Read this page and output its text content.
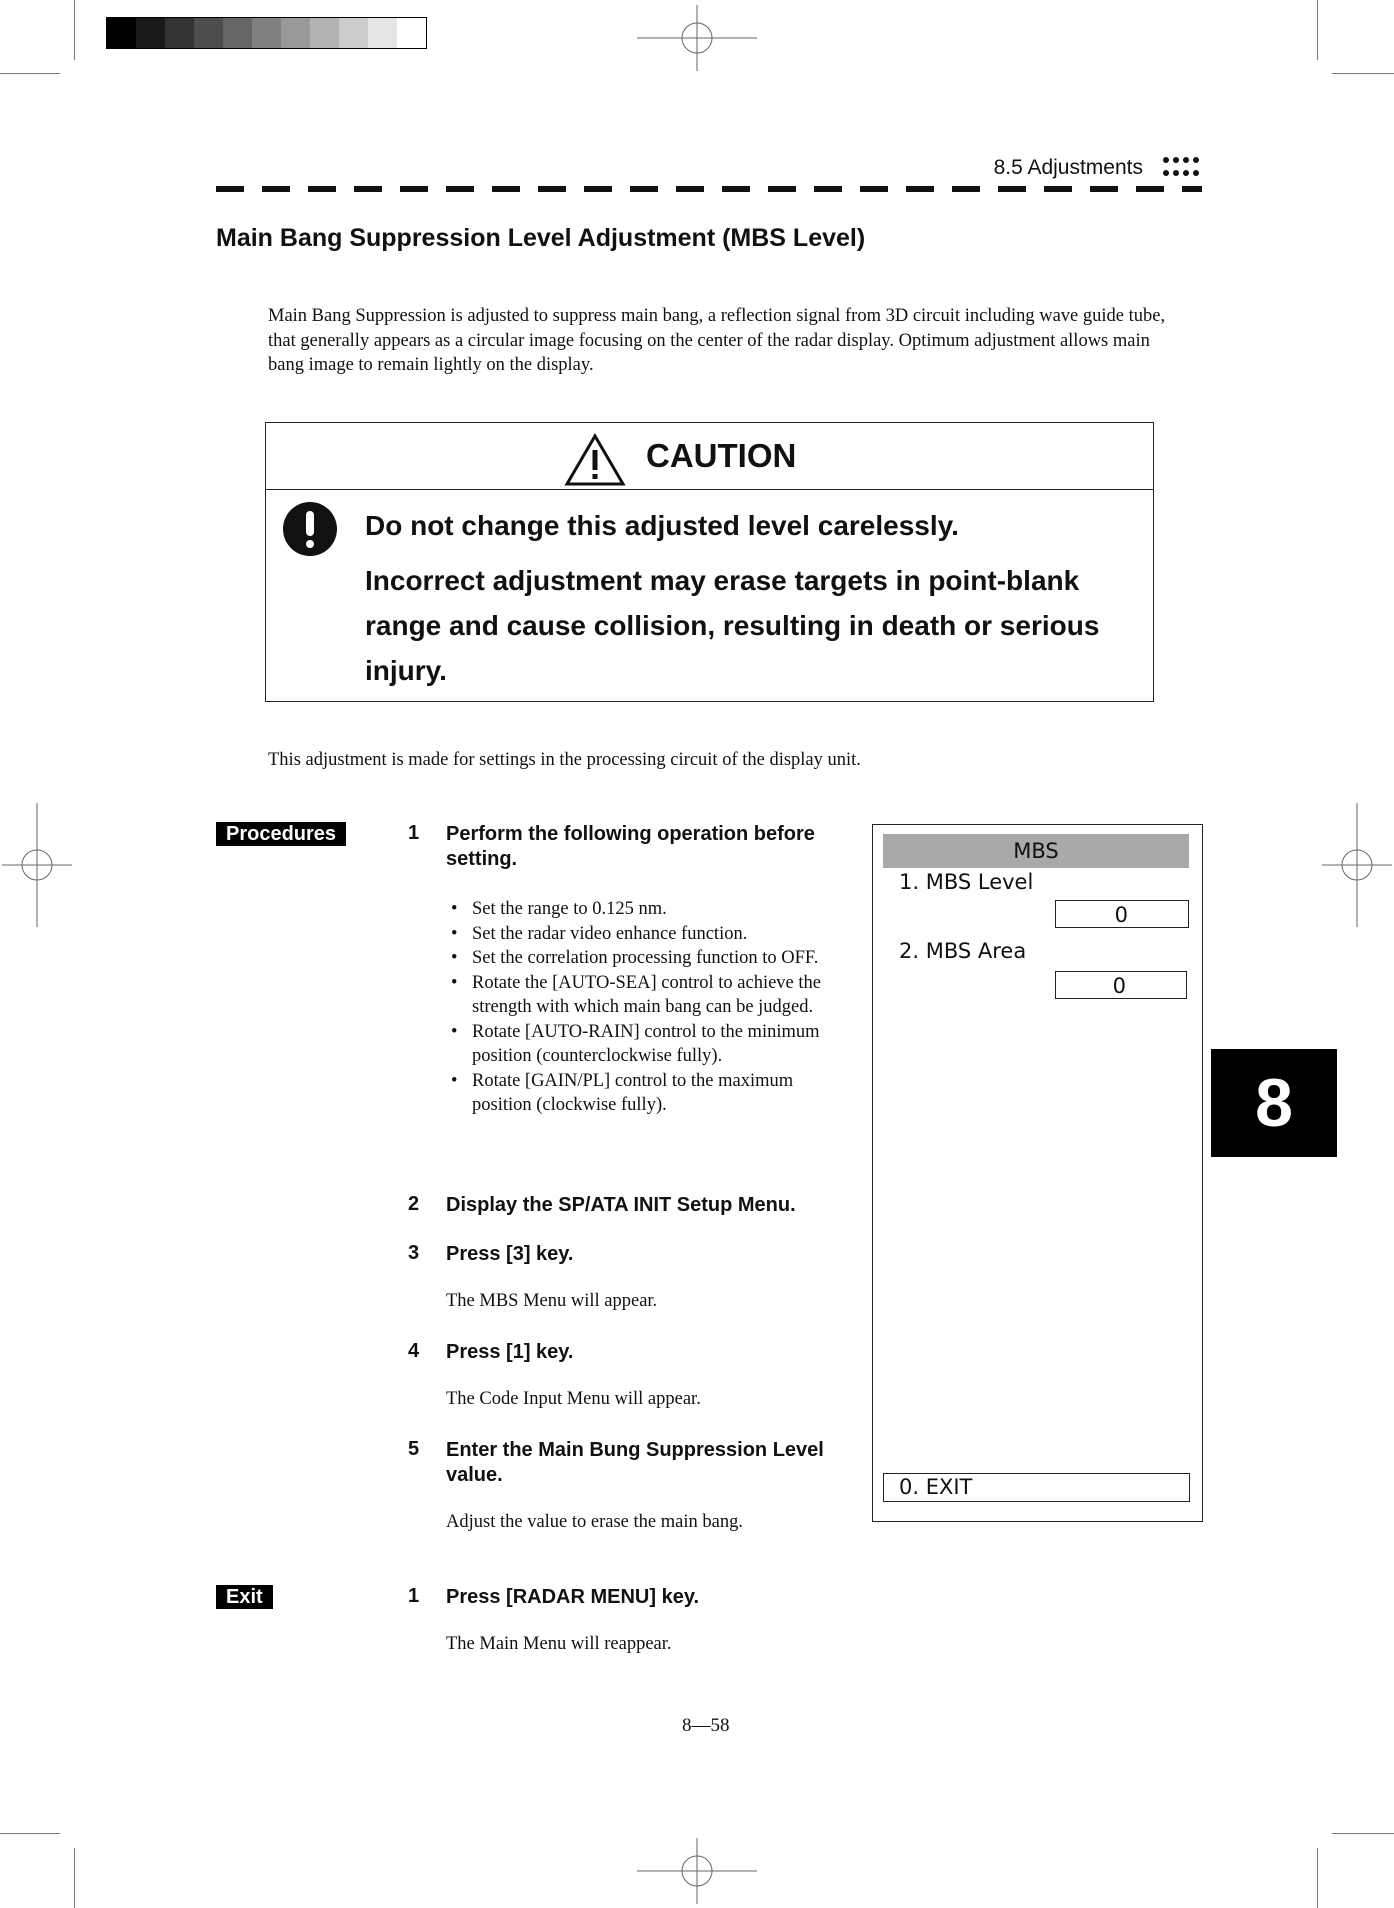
8.5 Adjustments
Main Bang Suppression Level Adjustment (MBS Level)
Main Bang Suppression is adjusted to suppress main bang, a reflection signal from 3D circuit including wave guide tube, that generally appears as a circular image focusing on the center of the radar display. Optimum adjustment allows main bang image to remain lightly on the display.
CAUTION
Do not change this adjusted level carelessly.
Incorrect adjustment may erase targets in point-blank range and cause collision, resulting in death or serious injury.
This adjustment is made for settings in the processing circuit of the display unit.
Procedures	1 Perform the following operation before setting.
• Set the range to 0.125 nm.
• Set the radar video enhance function.
• Set the correlation processing function to OFF.
• Rotate the [AUTO-SEA] control to achieve the strength with which main bang can be judged.
• Rotate [AUTO-RAIN] control to the minimum position (counterclockwise fully).
• Rotate [GAIN/PL] control to the maximum position (clockwise fully).
2 Display the SP/ATA INIT Setup Menu.
3 Press [3] key.
The MBS Menu will appear.
4 Press [1] key.
The Code Input Menu will appear.
5 Enter the Main Bung Suppression Level value.
Adjust the value to erase the main bang.
Exit	1 Press [RADAR MENU] key.
The Main Menu will reappear.
MBS
1. MBS Level
0
2. MBS Area
0
0. EXIT
8
8―58
